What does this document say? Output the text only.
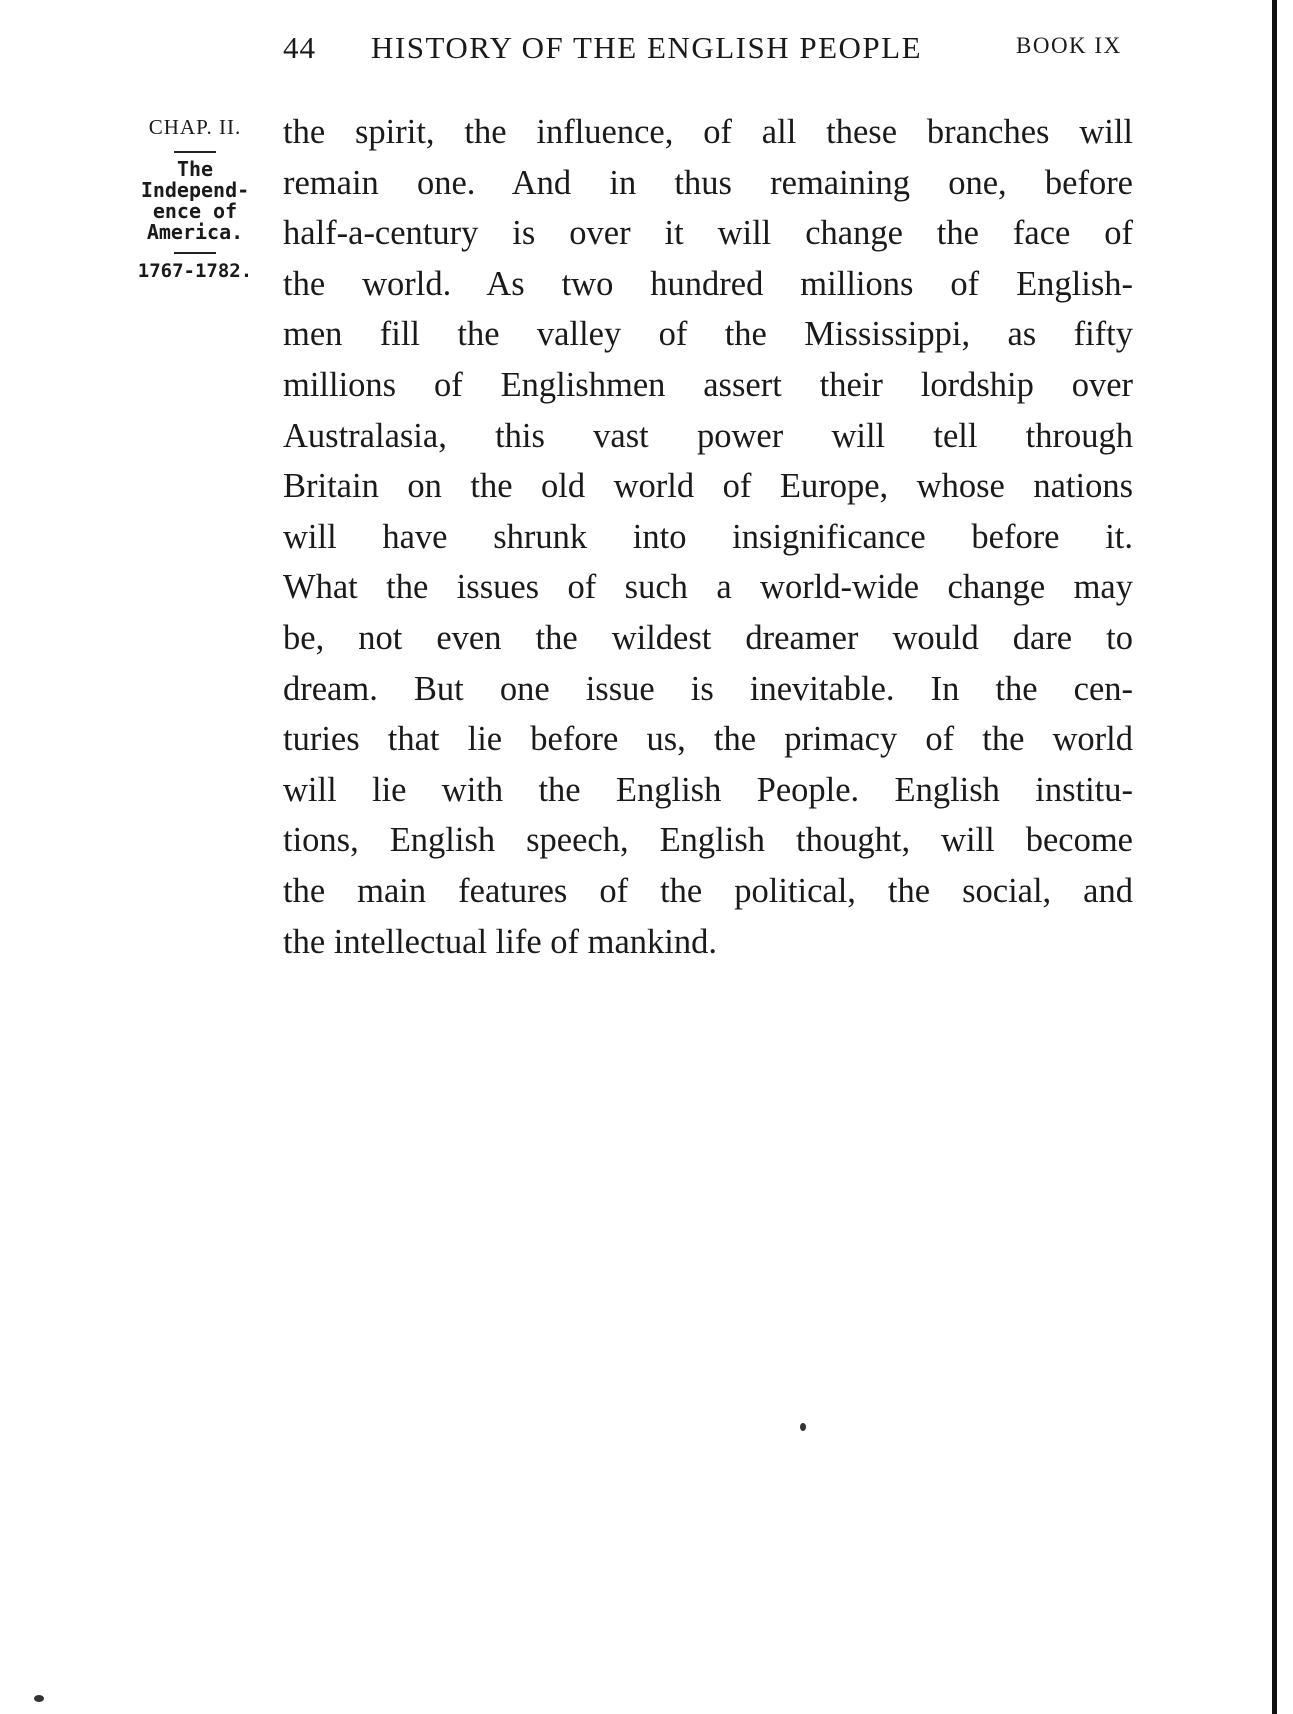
44 HISTORY OF THE ENGLISH PEOPLE	BOOK IX
CHAP. II.
The
Independ-
ence of
America.
1767-1782.
the spirit, the influence, of all these branches will
remain one. And in thus remaining one, before
half-a-century is over it will change the face of
the world. As two hundred millions of English-
men fill the valley of the Mississippi, as fifty
millions of Englishmen assert their lordship over
Australasia, this vast power will tell through
Britain on the old world of Europe, whose nations
will have shrunk into insignificance before it.
What the issues of such a world-wide change may
be, not even the wildest dreamer would dare to
dream. But one issue is inevitable. In the cen-
turies that lie before us, the primacy of the world
will lie with the English People. English institu-
tions, English speech, English thought, will become
the main features of the political, the social, and
the intellectual life of mankind.
